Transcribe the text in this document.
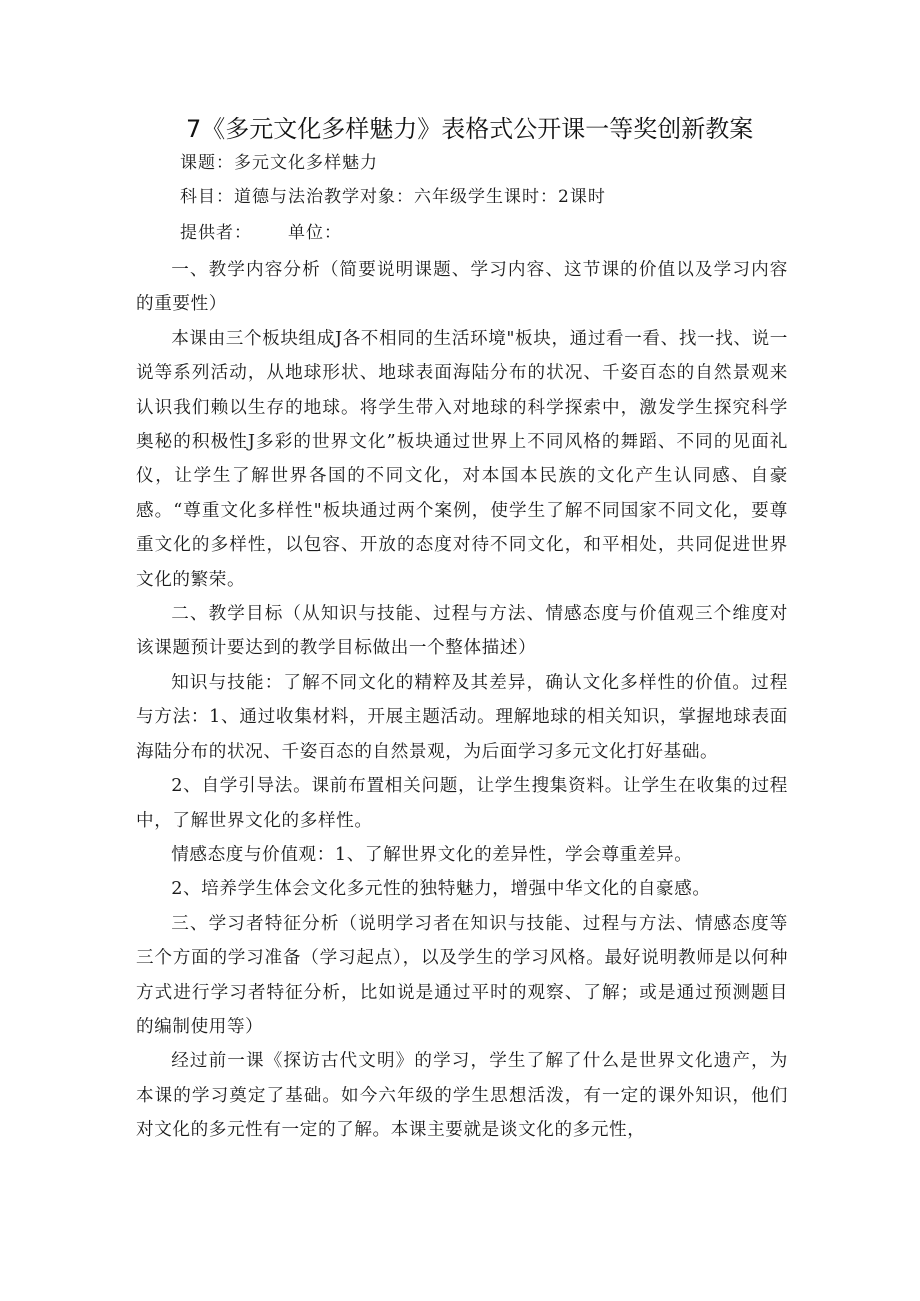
7《多元文化多样魅力》表格式公开课一等奖创新教案
课题：多元文化多样魅力
科目：道德与法治教学对象：六年级学生课时：2课时
提供者： 单位：

一、教学内容分析（简要说明课题、学习内容、这节课的价值以及学习内容的重要性）

本课由三个板块组成J各不相同的生活环境"板块，通过看一看、找一找、说一说等系列活动，从地球形状、地球表面海陆分布的状况、千姿百态的自然景观来认识我们赖以生存的地球。将学生带入对地球的科学探索中，激发学生探究科学奥秘的积极性J多彩的世界文化”板块通过世界上不同风格的舞蹈、不同的见面礼仪，让学生了解世界各国的不同文化，对本国本民族的文化产生认同感、自豪感。“尊重文化多样性"板块通过两个案例，使学生了解不同国家不同文化，要尊重文化的多样性，以包容、开放的态度对待不同文化，和平相处，共同促进世界文化的繁荣。

二、教学目标（从知识与技能、过程与方法、情感态度与价值观三个维度对该课题预计要达到的教学目标做出一个整体描述）

知识与技能：了解不同文化的精粹及其差异，确认文化多样性的价值。过程与方法：1、通过收集材料，开展主题活动。理解地球的相关知识，掌握地球表面海陆分布的状况、千姿百态的自然景观，为后面学习多元文化打好基础。

2、自学引导法。课前布置相关问题，让学生搜集资料。让学生在收集的过程中，了解世界文化的多样性。

情感态度与价值观：1、了解世界文化的差异性，学会尊重差异。

2、培养学生体会文化多元性的独特魅力，增强中华文化的自豪感。

三、学习者特征分析（说明学习者在知识与技能、过程与方法、情感态度等三个方面的学习准备（学习起点），以及学生的学习风格。最好说明教师是以何种方式进行学习者特征分析，比如说是通过平时的观察、了解；或是通过预测题目的编制使用等）

经过前一课《探访古代文明》的学习，学生了解了什么是世界文化遗产，为本课的学习奠定了基础。如今六年级的学生思想活泼，有一定的课外知识，他们对文化的多元性有一定的了解。本课主要就是谈文化的多元性，
